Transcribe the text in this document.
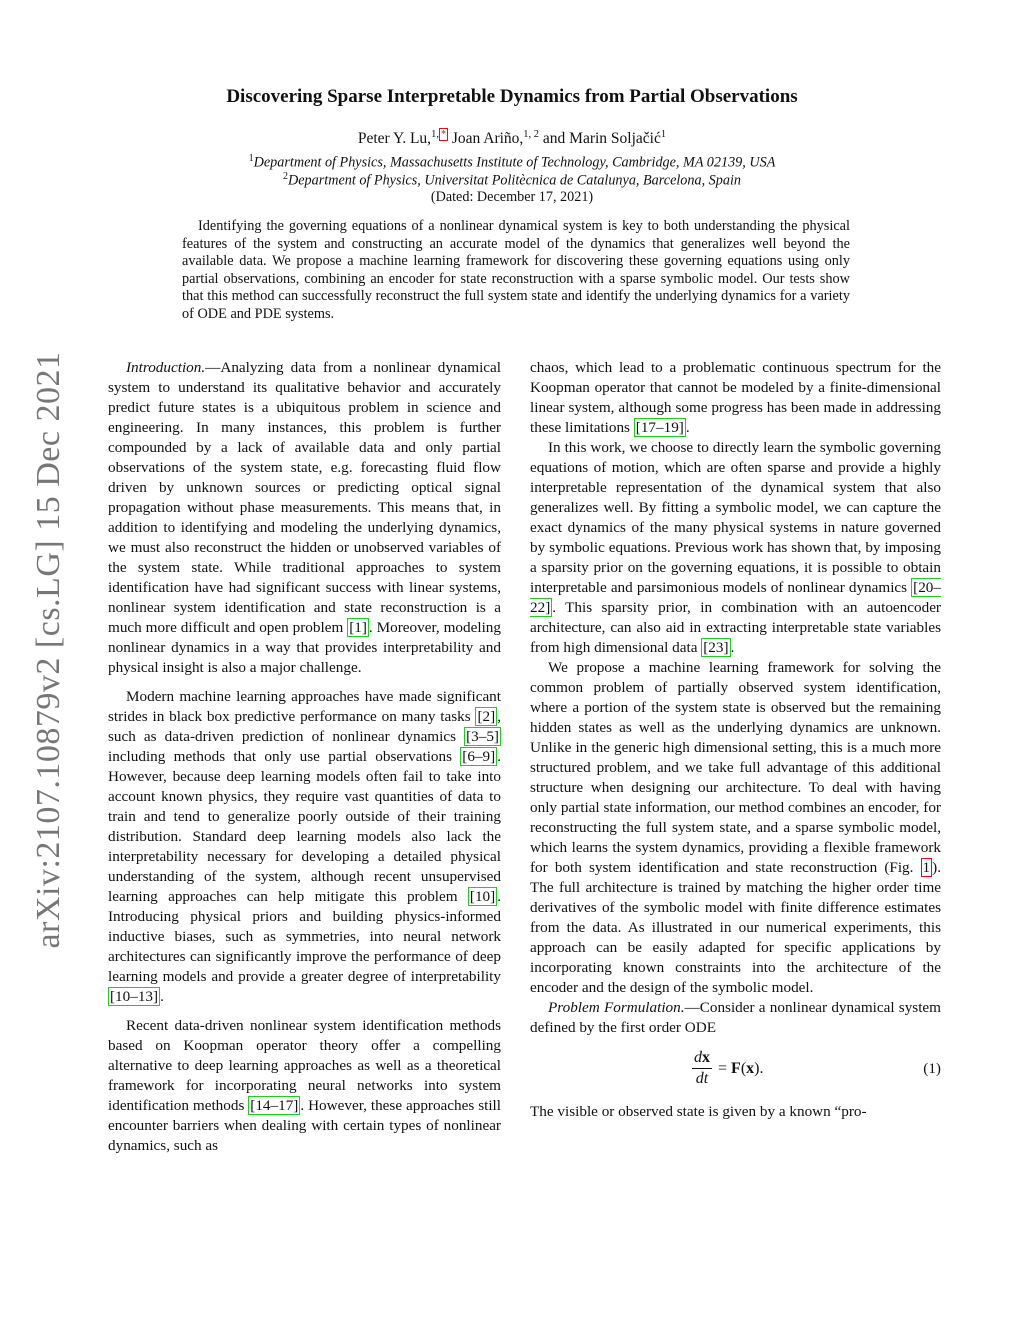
arXiv:2107.10879v2 [cs.LG] 15 Dec 2021
Discovering Sparse Interpretable Dynamics from Partial Observations
Peter Y. Lu,$^{1, *}$ Joan Ariño,$^{1, 2}$ and Marin Soljačić$^1$
$^1$Department of Physics, Massachusetts Institute of Technology, Cambridge, MA 02139, USA
$^2$Department of Physics, Universitat Politècnica de Catalunya, Barcelona, Spain
(Dated: December 17, 2021)
Identifying the governing equations of a nonlinear dynamical system is key to both understanding the physical features of the system and constructing an accurate model of the dynamics that generalizes well beyond the available data. We propose a machine learning framework for discovering these governing equations using only partial observations, combining an encoder for state reconstruction with a sparse symbolic model. Our tests show that this method can successfully reconstruct the full system state and identify the underlying dynamics for a variety of ODE and PDE systems.

Introduction.—Analyzing data from a nonlinear dynamical system to understand its qualitative behavior and accurately predict future states is a ubiquitous problem in science and engineering. In many instances, this problem is further compounded by a lack of available data and only partial observations of the system state, e.g. forecasting fluid flow driven by unknown sources or predicting optical signal propagation without phase measurements. This means that, in addition to identifying and modeling the underlying dynamics, we must also reconstruct the hidden or unobserved variables of the system state. While traditional approaches to system identification have had significant success with linear systems, nonlinear system identification and state reconstruction is a much more difficult and open problem [1] . Moreover, modeling nonlinear dynamics in a way that provides interpretability and physical insight is also a major challenge.

Modern machine learning approaches have made significant strides in black box predictive performance on many tasks [2] , such as data-driven prediction of nonlinear dynamics [3–5] including methods that only use partial observations [6–9] . However, because deep learning models often fail to take into account known physics, they require vast quantities of data to train and tend to generalize poorly outside of their training distribution. Standard deep learning models also lack the interpretability necessary for developing a detailed physical understanding of the system, although recent unsupervised learning approaches can help mitigate this problem [10] . Introducing physical priors and building physics-informed inductive biases, such as symmetries, into neural network architectures can significantly improve the performance of deep learning models and provide a greater degree of interpretability [10–13] .

Recent data-driven nonlinear system identification methods based on Koopman operator theory offer a compelling alternative to deep learning approaches as well as a theoretical framework for incorporating neural networks into system identification methods [14–17] . However, these approaches still encounter barriers when dealing with certain types of nonlinear dynamics, such as

chaos, which lead to a problematic continuous spectrum for the Koopman operator that cannot be modeled by a finite-dimensional linear system, although some progress has been made in addressing these limitations [17–19] .

In this work, we choose to directly learn the symbolic governing equations of motion, which are often sparse and provide a highly interpretable representation of the dynamical system that also generalizes well. By fitting a symbolic model, we can capture the exact dynamics of the many physical systems in nature governed by symbolic equations. Previous work has shown that, by imposing a sparsity prior on the governing equations, it is possible to obtain interpretable and parsimonious models of nonlinear dynamics [20–22] . This sparsity prior, in combination with an autoencoder architecture, can also aid in extracting interpretable state variables from high dimensional data [23] .

We propose a machine learning framework for solving the common problem of partially observed system identification, where a portion of the system state is observed but the remaining hidden states as well as the underlying dynamics are unknown. Unlike in the generic high dimensional setting, this is a much more structured problem, and we take full advantage of this additional structure when designing our architecture. To deal with having only partial state information, our method combines an encoder, for reconstructing the full system state, and a sparse symbolic model, which learns the system dynamics, providing a flexible framework for both system identification and state reconstruction (Fig. 1 ). The full architecture is trained by matching the higher order time derivatives of the symbolic model with finite difference estimates from the data. As illustrated in our numerical experiments, this approach can be easily adapted for specific applications by incorporating known constraints into the architecture of the encoder and the design of the symbolic model.

Problem Formulation.—Consider a nonlinear dynamical system defined by the first order ODE

$\frac{dx}{dt}$ =
F ( x ).	(1)

The visible or observed state is given by a known “pro-
